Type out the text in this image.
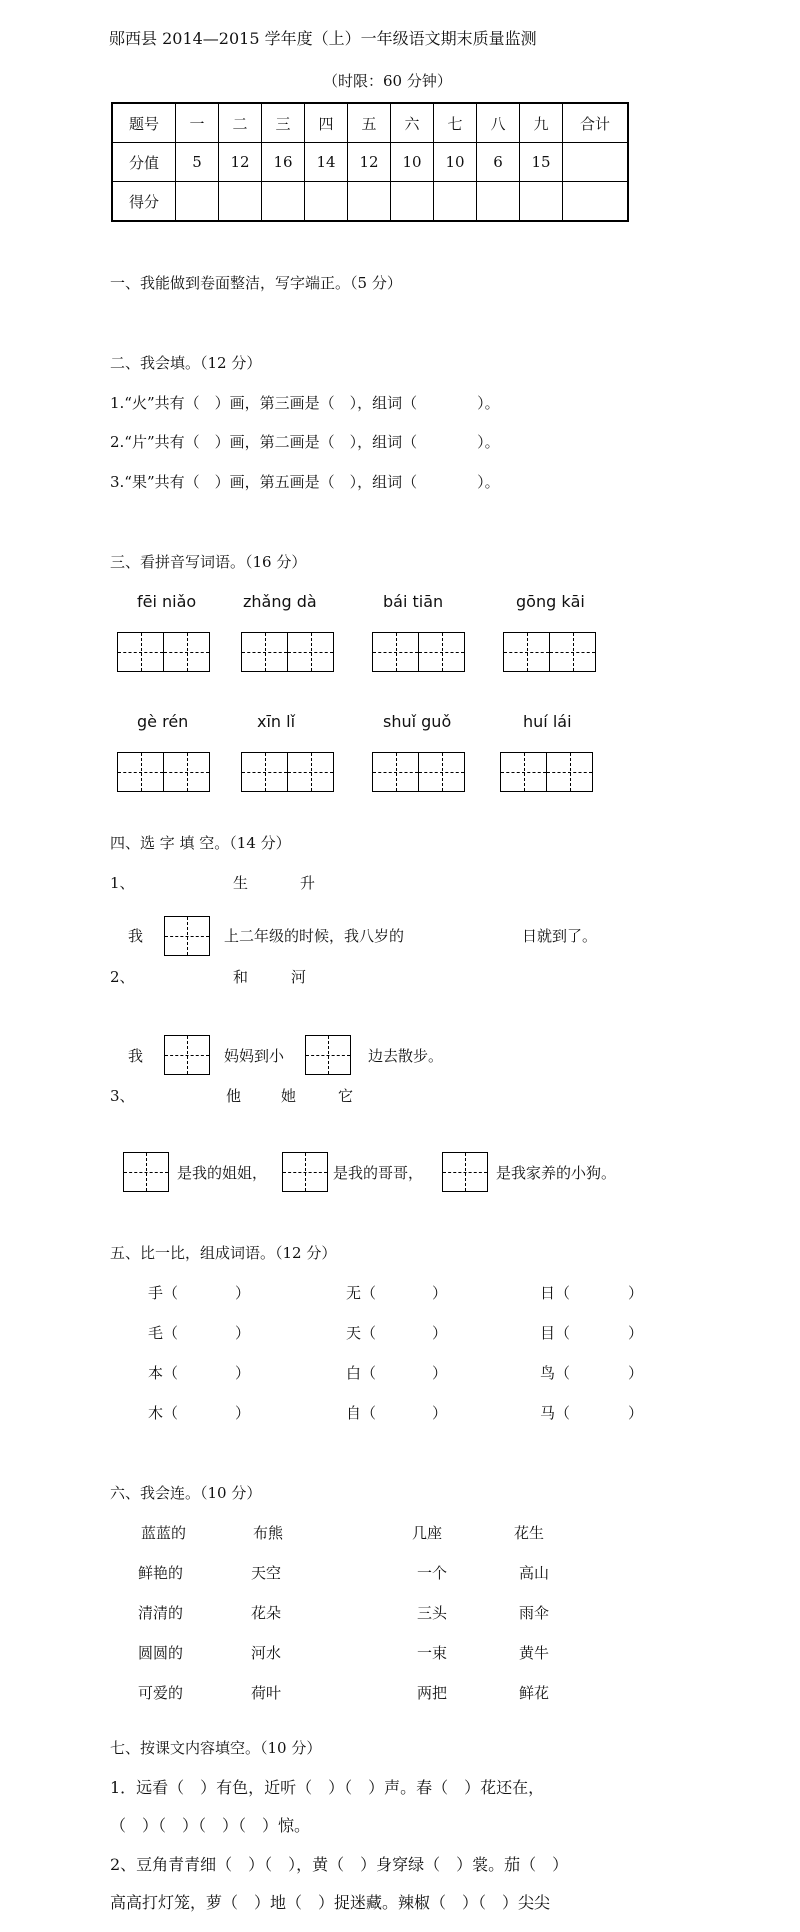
郧西县 2014—2015 学年度（上）一年级语文期末质量监测
（时限：60 分钟）
题号	一	二	三	四	五	六	七	八	九	合计
分值	5	12	16	14	12	10	10	6	15	
得分										
一、我能做到卷面整洁，写字端正。（5 分）
二、我会填。（12 分）
1.“火”共有（　）画，第三画是（　），组词（　　　　）。
2.“片”共有（　）画，第二画是（　），组词（　　　　）。
3.“果”共有（　）画，第五画是（　），组词（　　　　）。
三、看拼音写词语。（16 分）
fēi niǎo	zhǎng dà	bái tiān	gōng kāi
gè rén	xīn lǐ	shuǐ guǒ	huí lái
四、选 字 填 空。（14 分）
1、	生	升
我	上二年级的时候，我八岁的	日就到了。
2、	和	河
我	妈妈到小	边去散步。
3、	他	她	它
是我的姐姐，	是我的哥哥，	是我家养的小狗。
五、比一比，组成词语。（12 分）
手（	）	无（	）	日（	）
毛（	）	天（	）	目（	）
本（	）	白（	）	鸟（	）
木（	）	自（	）	马（	）
六、我会连。（10 分）
蓝蓝的	布熊	几座	花生
鲜艳的	天空	一个	高山
清清的	花朵	三头	雨伞
圆圆的	河水	一束	黄牛
可爱的	荷叶	两把	鲜花
七、按课文内容填空。（10 分）
1．远看（　）有色，近听（　）（　）声。春（　）花还在，
（　）（　）（　）（　）惊。
2、豆角青青细（　）（　），黄（　）身穿绿（　）裳。茄（　）
高高打灯笼，萝（　）地（　）捉迷藏。辣椒（　）（　）尖尖
